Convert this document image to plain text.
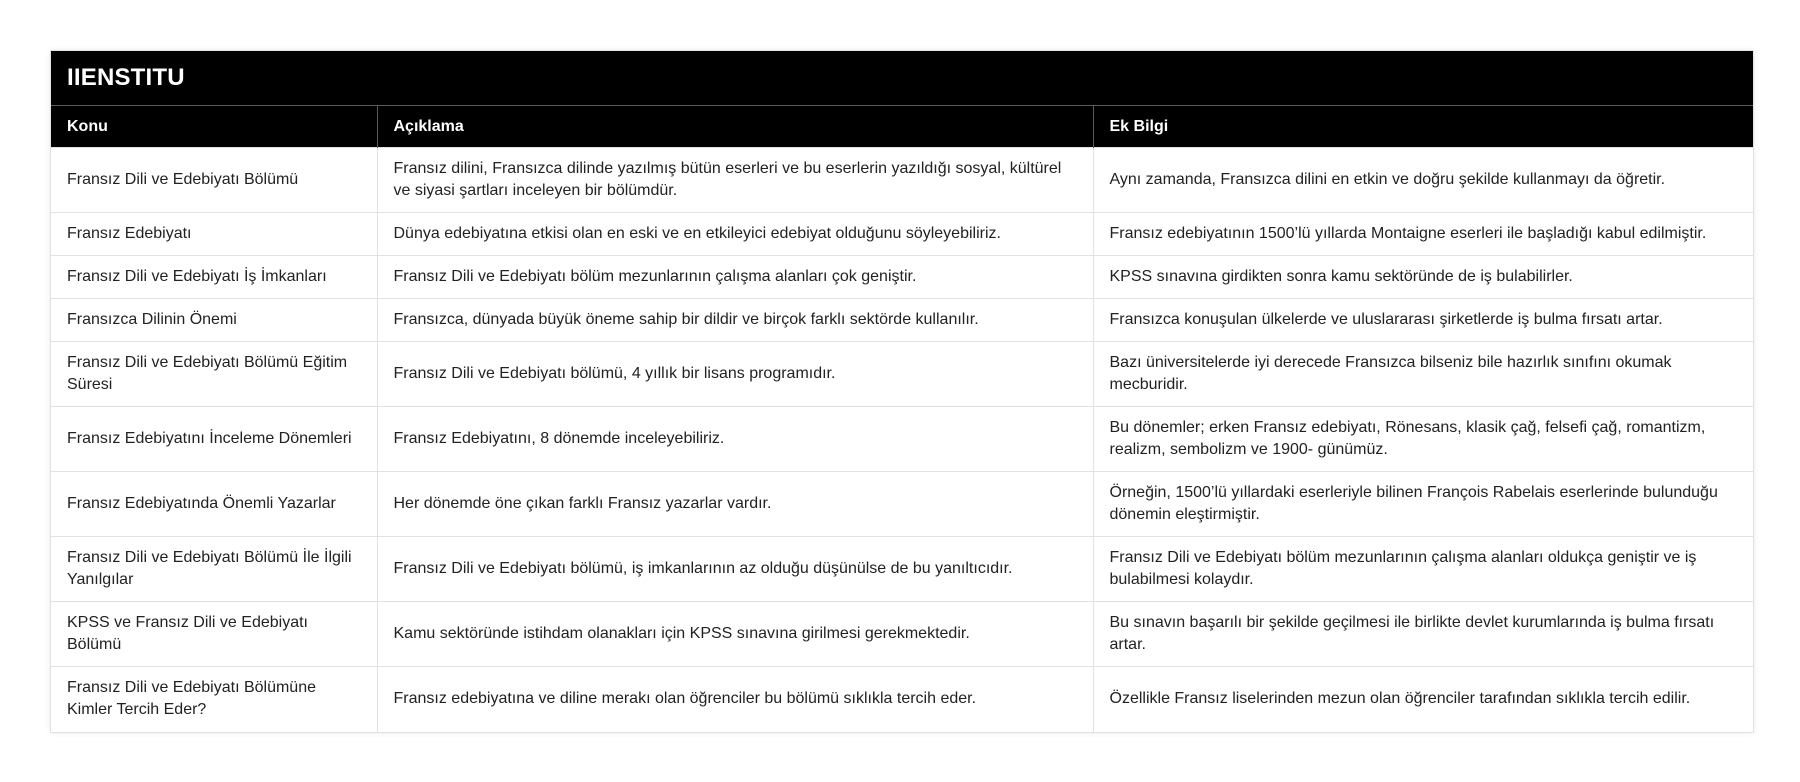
IIENSTITU
Konu	Açıklama	Ek Bilgi
Fransız Dili ve Edebiyatı Bölümü	Fransız dilini, Fransızca dilinde yazılmış bütün eserleri ve bu eserlerin yazıldığı sosyal, kültürel ve siyasi şartları inceleyen bir bölümdür.	Aynı zamanda, Fransızca dilini en etkin ve doğru şekilde kullanmayı da öğretir.
Fransız Edebiyatı	Dünya edebiyatına etkisi olan en eski ve en etkileyici edebiyat olduğunu söyleyebiliriz.	Fransız edebiyatının 1500’lü yıllarda Montaigne eserleri ile başladığı kabul edilmiştir.
Fransız Dili ve Edebiyatı İş İmkanları	Fransız Dili ve Edebiyatı bölüm mezunlarının çalışma alanları çok geniştir.	KPSS sınavına girdikten sonra kamu sektöründe de iş bulabilirler.
Fransızca Dilinin Önemi	Fransızca, dünyada büyük öneme sahip bir dildir ve birçok farklı sektörde kullanılır.	Fransızca konuşulan ülkelerde ve uluslararası şirketlerde iş bulma fırsatı artar.
Fransız Dili ve Edebiyatı Bölümü Eğitim Süresi	Fransız Dili ve Edebiyatı bölümü, 4 yıllık bir lisans programıdır.	Bazı üniversitelerde iyi derecede Fransızca bilseniz bile hazırlık sınıfını okumak mecburidir.
Fransız Edebiyatını İnceleme Dönemleri	Fransız Edebiyatını, 8 dönemde inceleyebiliriz.	Bu dönemler; erken Fransız edebiyatı, Rönesans, klasik çağ, felsefi çağ, romantizm, realizm, sembolizm ve 1900- günümüz.
Fransız Edebiyatında Önemli Yazarlar	Her dönemde öne çıkan farklı Fransız yazarlar vardır.	Örneğin, 1500’lü yıllardaki eserleriyle bilinen François Rabelais eserlerinde bulunduğu dönemin eleştirmiştir.
Fransız Dili ve Edebiyatı Bölümü İle İlgili Yanılgılar	Fransız Dili ve Edebiyatı bölümü, iş imkanlarının az olduğu düşünülse de bu yanıltıcıdır.	Fransız Dili ve Edebiyatı bölüm mezunlarının çalışma alanları oldukça geniştir ve iş bulabilmesi kolaydır.
KPSS ve Fransız Dili ve Edebiyatı Bölümü	Kamu sektöründe istihdam olanakları için KPSS sınavına girilmesi gerekmektedir.	Bu sınavın başarılı bir şekilde geçilmesi ile birlikte devlet kurumlarında iş bulma fırsatı artar.
Fransız Dili ve Edebiyatı Bölümüne Kimler Tercih Eder?	Fransız edebiyatına ve diline merakı olan öğrenciler bu bölümü sıklıkla tercih eder.	Özellikle Fransız liselerinden mezun olan öğrenciler tarafından sıklıkla tercih edilir.
